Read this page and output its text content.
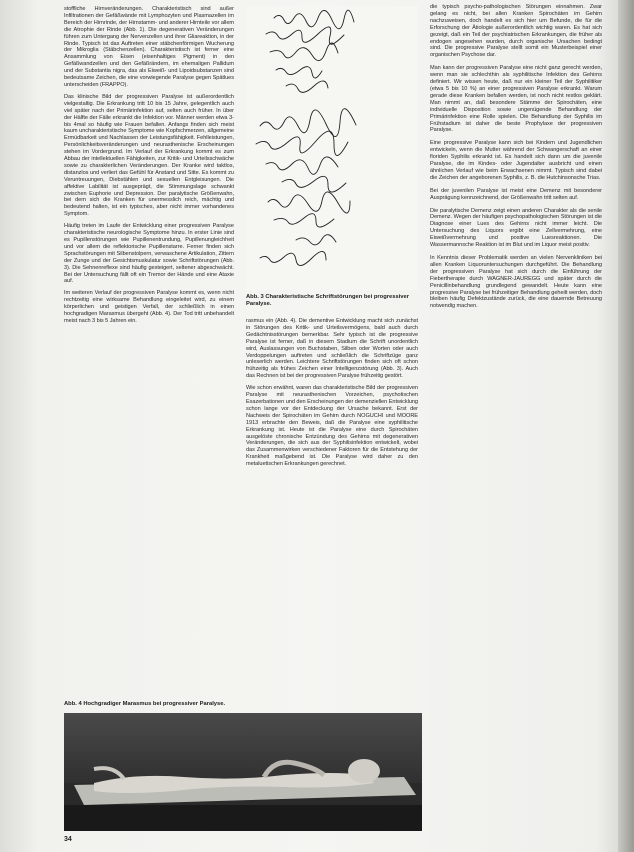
stoffliche Hirnveränderungen. Charakteristisch sind außer Infiltrationen der Gefäßwände mit Lymphozyten und Plasmazellen im Bereich der Hirnrinde, der Hirnstamm- und anderer Hirnteile vor allem die Atrophie der Rinde (Abb. 1). Die degenerativen Veränderungen führen zum Untergang der Nervenzellen und ihrer Gliareaktion, in der Rinde. Typisch ist das Auftreten einer stäbchenförmigen Wucherung der Mikroglia (Stäbchenzellen). Charakteristisch ist ferner eine Ansammlung von Eisen (eisenhaltiges Pigment) in den Gefäßwandzellen und den Gefäßrändern, im ehemaligen Pallidum und der Substantia nigra, das als Eiweiß- und Lipoidsubstanzen sind bedeutsame Zeichen, die eine vorwiegende Paralyse gegen Spätlues unterscheiden (FRAPPO).

Das klinische Bild der progressiven Paralyse ist außerordentlich vielgestaltig. Die Erkrankung tritt 10 bis 15 Jahre, gelegentlich auch viel später nach der Primärinfektion auf, selten auch früher. In über der Hälfte der Fälle erkrankt die Infektion vor. Männer werden etwa 3- bis 4mal so häufig wie Frauen befallen. Anfangs finden sich meist kaum uncharakteristische Symptome wie Kopfschmerzen, allgemeine Ermüdbarkeit und Nachlassen der Leistungsfähigkeit. Fehlleistungen, Persönlichkeitsveränderungen und neurasthenische Erscheinungen stehen im Vordergrund. Im Verlauf der Erkrankung kommt es zum Abbau der intellektuellen Fähigkeiten, zur Kritik- und Urteilsschwäche sowie zu charakterlichen Veränderungen. Der Kranke wird taktlos, distanzlos und verliert das Gefühl für Anstand und Sitte. Es kommt zu Veruntreuungen, Diebstählen und sexuellen Entgleisungen. Die affektive Labilität ist ausgeprägt, die Stimmungslage schwankt zwischen Euphorie und Depression. Der paralytische Größenwahn, bei dem sich die Kranken für unermesslich reich, mächtig und bedeutend halten, ist ein typisches, aber nicht immer vorhandenes Symptom.

Häufig treten im Laufe der Entwicklung einer progressiven Paralyse charakteristische neurologische Symptome hinzu. In erster Linie sind es Pupillenstörungen wie Pupillenentrundung, Pupillenungleichheit und vor allem die reflektorische Pupillenstarre. Ferner finden sich Sprachstörungen mit Silbenstolpern, verwaschene Artikulation, Zittern der Zunge und der Gesichtsmuskulatur sowie Schriftstörungen (Abb. 3). Die Sehnenreflexe sind häufig gesteigert, seltener abgeschwächt. Bei der Untersuchung fällt oft ein Tremor der Hände und eine Ataxie auf.

Im weiteren Verlauf der progressiven Paralyse kommt es, wenn nicht rechtzeitig eine wirksame Behandlung eingeleitet wird, zu einem körperlichen und geistigen Verfall, der schließlich in einen hochgradigen Marasmus übergeht (Abb. 4). Der Tod tritt unbehandelt meist nach 3 bis 5 Jahren ein.

Abb. 3 Charakteristische Schriftstörungen bei progressiver Paralyse.

rasmus ein (Abb. 4). Die dementive Entwicklung macht sich zunächst in Störungen des Kritik- und Urteilsvermögens, bald auch durch Gedächtnisstörungen bemerkbar. Sehr typisch ist die progressive Paralyse ist ferner, daß in diesem Stadium die Schrift unordentlich wird, Auslassungen von Buchstaben, Silben oder Worten oder auch Verdoppelungen auftreten und schließlich die Schriftzüge ganz unleserlich werden. Leichtere Schriftstörungen finden sich oft schon frühzeitig als frühes Zeichen einer Intelligenzstörung (Abb. 3). Auch das Rechnen ist bei der progressiven Paralyse frühzeitig gestört.

Wie schon erwähnt, waren das charakteristische Bild der progressiven Paralyse mit neurasthenischen Vorzeichen, psychotischen Exazerbationen und den Erscheinungen der demenziellen Entwicklung schon lange vor der Entdeckung der Ursache bekannt. Erst der Nachweis der Spirochäten im Gehirn durch NOGUCHI und MOORE 1913 erbrachte den Beweis, daß die Paralyse eine syphilitische Erkrankung ist. Heute ist die Paralyse eine durch Spirochäten ausgelöste chronische Entzündung des Gehirns mit degenerativen Veränderungen, die sich aus der Syphilisinfektion entwickelt, wobei das Zusammenwirken verschiedener Faktoren für die Entstehung der Krankheit maßgebend ist. Die Paralyse wird daher zu den metaluetischen Erkrankungen gerechnet.

die typisch psycho-pathologischen Störungen einnahmen. Zwar gelang es nicht, bei allen Kranken Spirochäten im Gehirn nachzuweisen, doch handelt es sich hier um Befunde, die für die Erforschung der Ätiologie außerordentlich wichtig waren. Es hat sich gezeigt, daß ein Teil der psychiatrischen Erkrankungen, die früher als endogen angesehen wurden, durch organische Ursachen bedingt sind. Die progressive Paralyse stellt somit ein Musterbeispiel einer organischen Psychose dar.

Man kann der progressiven Paralyse eine nicht ganz gerecht werden, wenn man sie schlechthin als syphilitische Infektion des Gehirns definiert. Wir wissen heute, daß nur ein kleiner Teil der Syphilitiker (etwa 5 bis 10 %) an einer progressiven Paralyse erkrankt. Warum gerade diese Kranken befallen werden, ist noch nicht restlos geklärt. Man nimmt an, daß besondere Stämme der Spirochäten, eine individuelle Disposition sowie ungenügende Behandlung der Primärinfektion eine Rolle spielen. Die Behandlung der Syphilis im Frühstadium ist daher die beste Prophylaxe der progressiven Paralyse.

Eine progressive Paralyse kann sich bei Kindern und Jugendlichen entwickeln, wenn die Mutter während der Schwangerschaft an einer floriden Syphilis erkrankt ist. Es handelt sich dann um die juvenile Paralyse, die im Kindes- oder Jugendalter ausbricht und einen ähnlichen Verlauf wie beim Erwachsenen nimmt. Typisch sind dabei die Zeichen der angeborenen Syphilis, z. B. die Hutchinsonsche Trias.

Bei der juvenilen Paralyse ist meist eine Demenz mit besonderer Ausprägung kennzeichnend, der Größenwahn tritt selten auf.

Die paralytische Demenz zeigt einen anderen Charakter als die senile Demenz. Wegen der häufigen psychopathologischen Störungen ist die Diagnose einer Lues des Gehirns nicht immer leicht. Die Untersuchung des Liquors ergibt eine Zellvermehrung, eine Eiweißvermehrung und positive Luesreaktionen. Die Wassermannsche Reaktion ist im Blut und im Liquor meist positiv.

In Kenntnis dieser Problematik werden an vielen Nervenkliniken bei allen Kranken Liquoruntersuchungen durchgeführt. Die Behandlung der progressiven Paralyse hat sich durch die Einführung der Fiebertherapie durch WAGNER-JAUREGG und später durch die Penicillinbehandlung grundlegend gewandelt. Heute kann eine progressive Paralyse bei frühzeitiger Behandlung geheilt werden, doch bleiben häufig Defektzustände zurück, die eine dauernde Betreuung notwendig machen.

Abb. 4 Hochgradiger Marasmus bei progressiver Paralyse.
34
